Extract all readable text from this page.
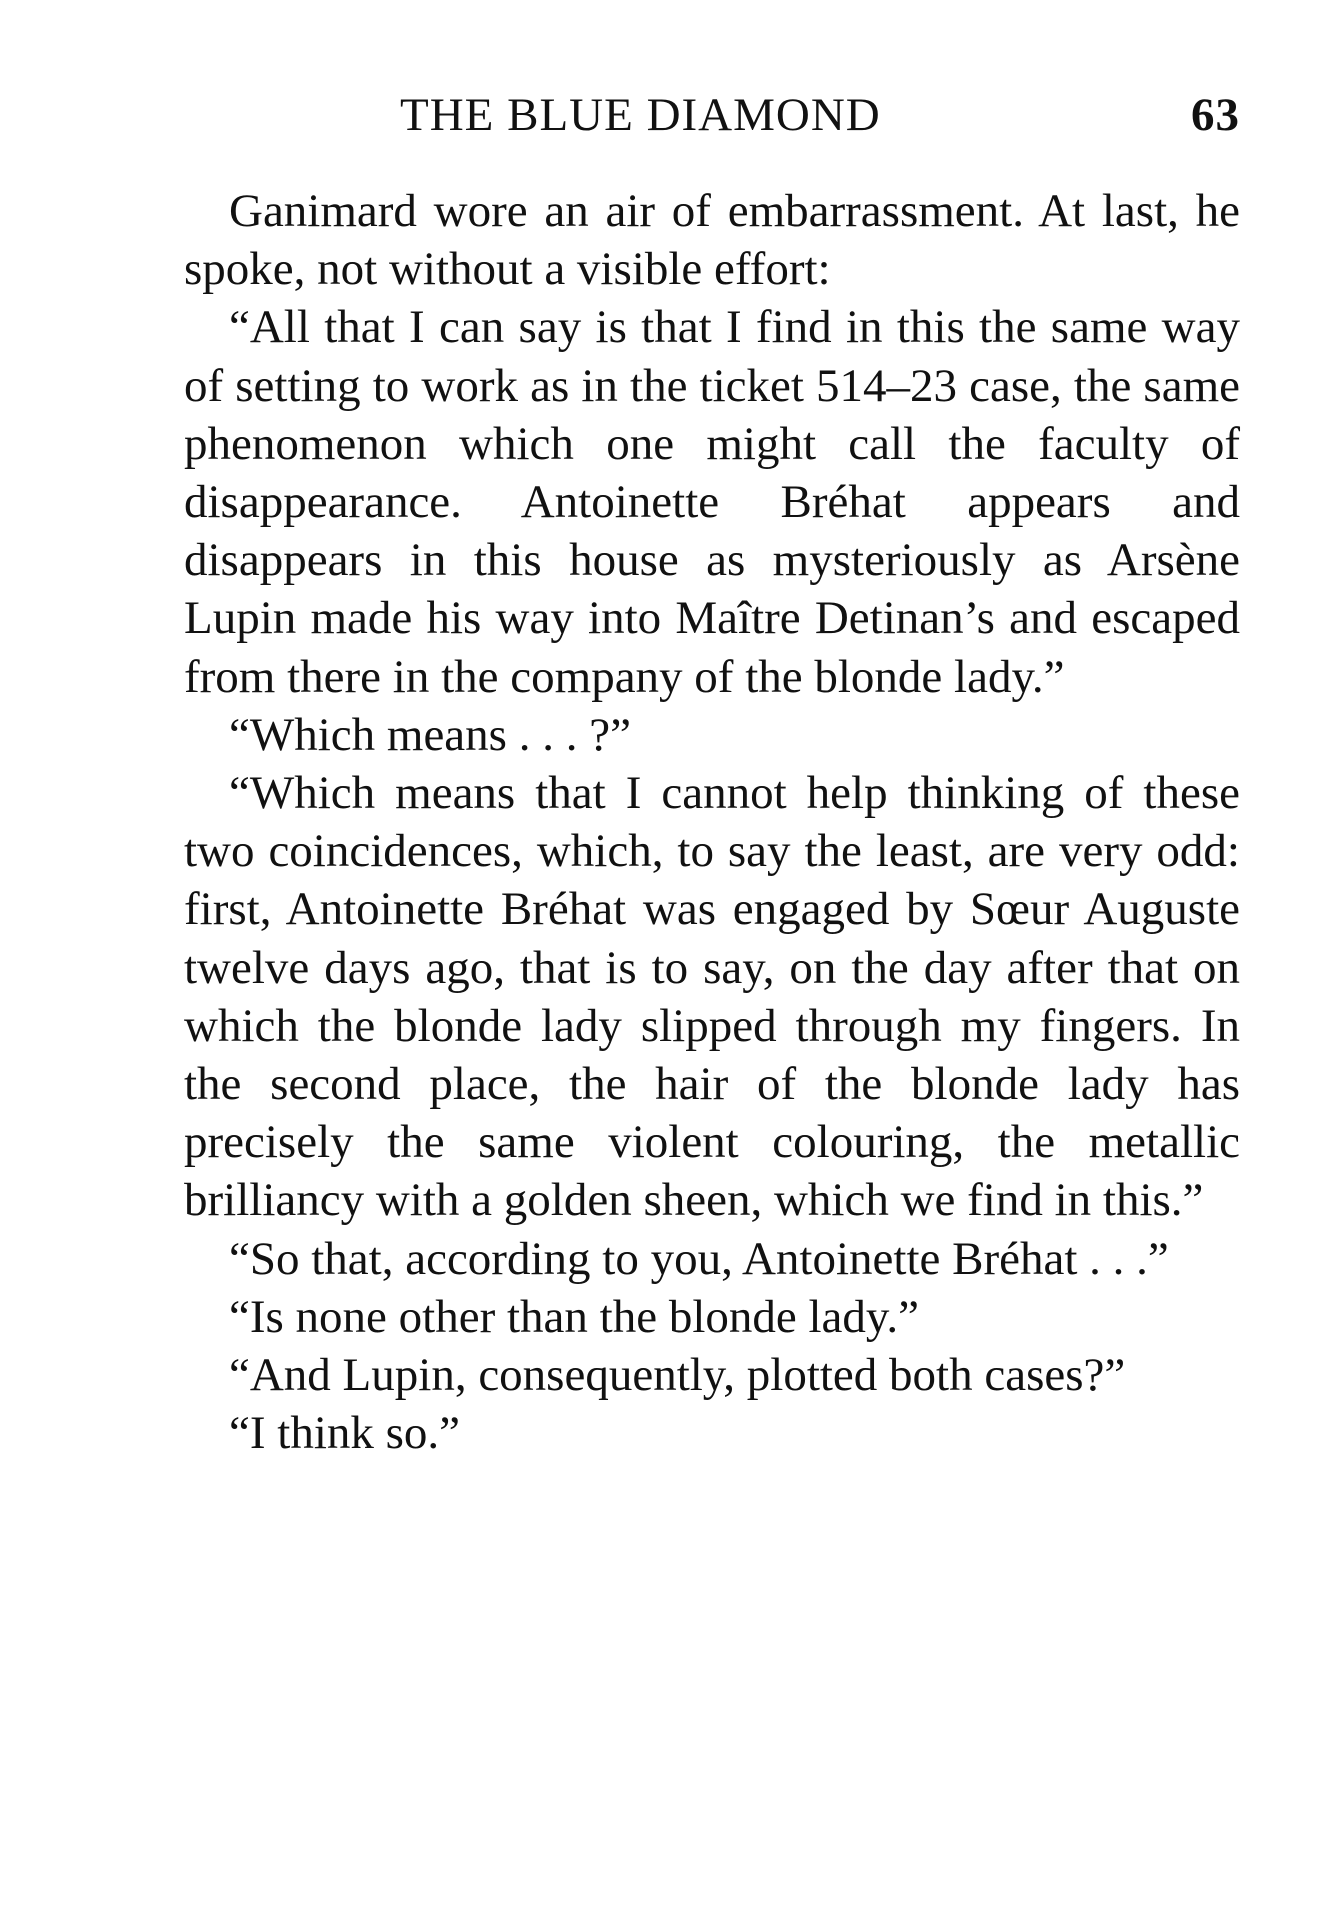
THE BLUE DIAMOND	63

Ganimard wore an air of embarrassment. At last, he spoke, not without a visible effort:

“All that I can say is that I find in this the same way of setting to work as in the ticket 514–23 case, the same phenomenon which one might call the faculty of disappearance. Antoinette Bréhat appears and disappears in this house as mysteriously as Arsène Lupin made his way into Maître Detinan’s and escaped from there in the company of the blonde lady.”

“Which means . . . ?”

“Which means that I cannot help thinking of these two coincidences, which, to say the least, are very odd: first, Antoinette Bréhat was engaged by Sœur Auguste twelve days ago, that is to say, on the day after that on which the blonde lady slipped through my fingers. In the second place, the hair of the blonde lady has precisely the same violent colouring, the metallic brilliancy with a golden sheen, which we find in this.”

“So that, according to you, Antoinette Bréhat . . .”

“Is none other than the blonde lady.”

“And Lupin, consequently, plotted both cases?”

“I think so.”
